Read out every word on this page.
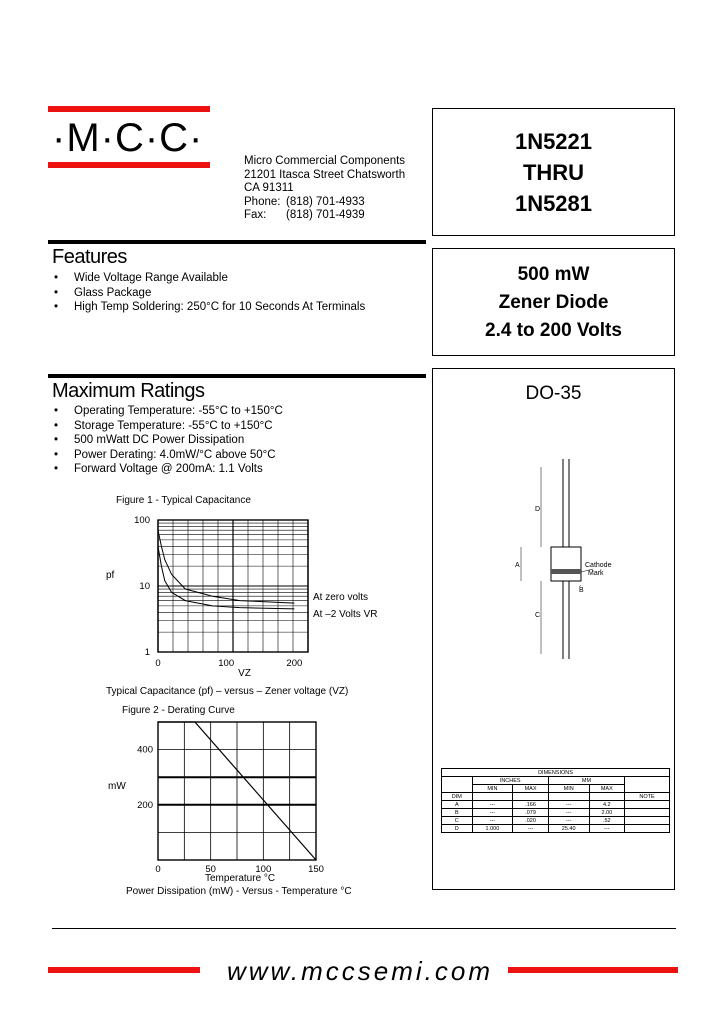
·M·C·C·
Micro Commercial Components
21201 Itasca Street Chatsworth
CA 91311
Phone: (818) 701-4933
Fax: (818) 701-4939
1N5221
THRU
1N5281
500 mW
Zener Diode
2.4 to 200 Volts
Features
• Wide Voltage Range Available
• Glass Package
• High Temp Soldering: 250°C for 10 Seconds At Terminals
Maximum Ratings
• Operating Temperature: -55°C to +150°C
• Storage Temperature: -55°C to +150°C
• 500 mWatt DC Power Dissipation
• Power Derating: 4.0mW/°C above 50°C
• Forward Voltage @ 200mA: 1.1 Volts
Figure 1 - Typical Capacitance
100
10
1
0	100	200
pf
VZ
At zero volts
At –2 Volts VR
Typical Capacitance (pf) – versus – Zener voltage (VZ)
Figure 2 - Derating Curve
400
200
0	50	100	150
mW
Temperature °C
Power Dissipation (mW) - Versus - Temperature °C
DO-35
D
A
C
B
Cathode
Mark
DIMENSIONS					
	INCHES		MM		
	MIN	MAX	MIN	MAX	
DIM					NOTE
A	---	.166	---	4.2	
B	---	.079	---	2.00	
C	---	.020	---	.52	
D	1.000	---	25.40	---	
www.mccsemi.com
